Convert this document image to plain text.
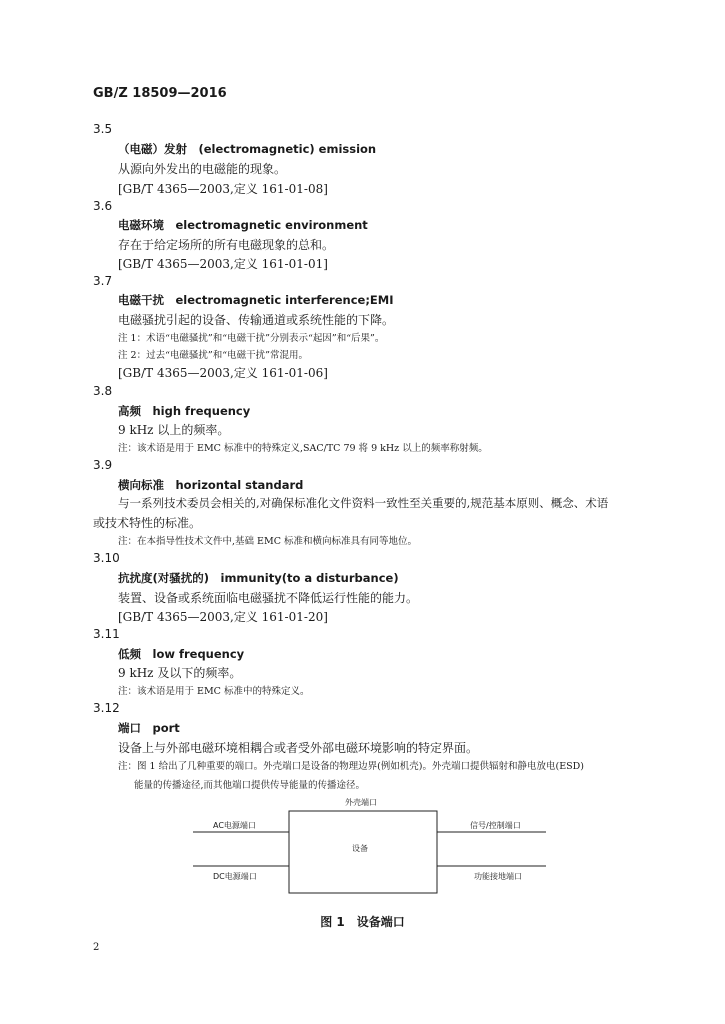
GB/Z 18509—2016
3.5
（电磁）发射　(electromagnetic) emission
从源向外发出的电磁能的现象。
[GB/T 4365—2003,定义 161-01-08]
3.6
电磁环境　electromagnetic environment
存在于给定场所的所有电磁现象的总和。
[GB/T 4365—2003,定义 161-01-01]
3.7
电磁干扰　electromagnetic interference;EMI
电磁骚扰引起的设备、传输通道或系统性能的下降。
注 1：术语“电磁骚扰”和“电磁干扰”分别表示“起因”和“后果”。
注 2：过去“电磁骚扰”和“电磁干扰”常混用。
[GB/T 4365—2003,定义 161-01-06]
3.8
高频　high frequency
9 kHz 以上的频率。
注：该术语是用于 EMC 标准中的特殊定义,SAC/TC 79 将 9 kHz 以上的频率称射频。
3.9
横向标准　horizontal standard
与一系列技术委员会相关的,对确保标准化文件资料一致性至关重要的,规范基本原则、概念、术语
或技术特性的标准。
注：在本指导性技术文件中,基础 EMC 标准和横向标准具有同等地位。
3.10
抗扰度(对骚扰的)　immunity(to a disturbance)
装置、设备或系统面临电磁骚扰不降低运行性能的能力。
[GB/T 4365—2003,定义 161-01-20]
3.11
低频　low frequency
9 kHz 及以下的频率。
注：该术语是用于 EMC 标准中的特殊定义。
3.12
端口　port
设备上与外部电磁环境相耦合或者受外部电磁环境影响的特定界面。
注：图 1 给出了几种重要的端口。外壳端口是设备的物理边界(例如机壳)。外壳端口提供辐射和静电放电(ESD)
能量的传播途径,而其他端口提供传导能量的传播途径。
外壳端口
AC电源端口
DC电源端口
设备
信号/控制端口
功能接地端口
图 1　设备端口
2
